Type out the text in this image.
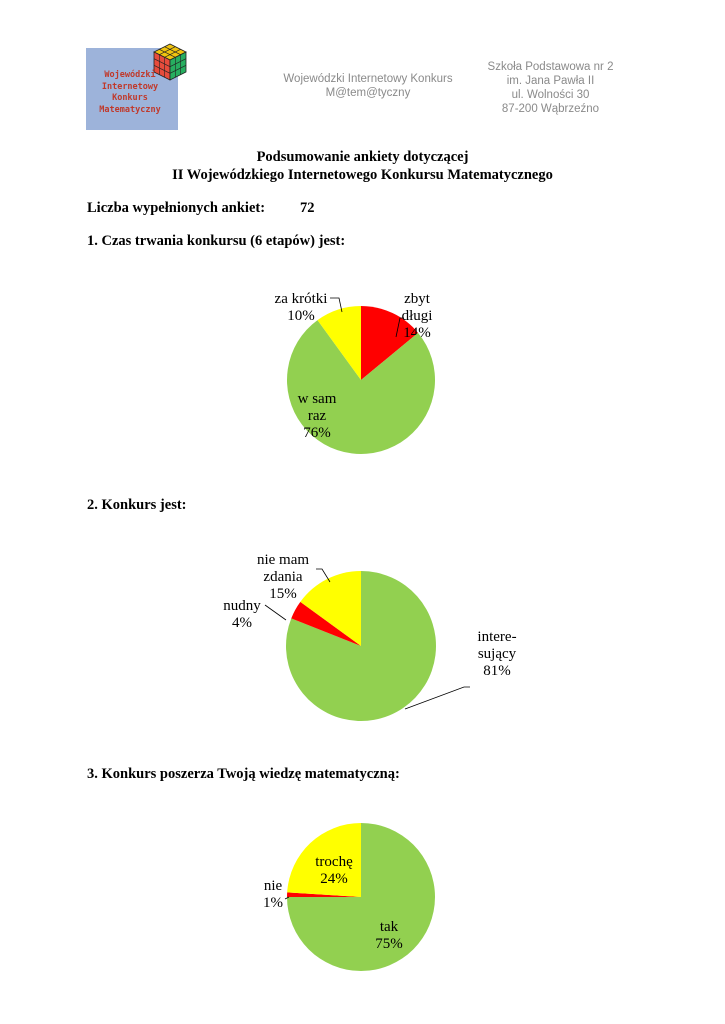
Wojewódzki
Internetowy
Konkurs
Matematyczny
Wojewódzki Internetowy Konkurs
M@tem@tyczny
Szkoła Podstawowa nr 2
im. Jana Pawła II
ul. Wolności 30
87-200 Wąbrzeźno
Podsumowanie ankiety dotyczącej
II Wojewódzkiego Internetowego Konkursu Matematycznego
Liczba wypełnionych ankiet: 72
1. Czas trwania konkursu (6 etapów) jest:
2. Konkurs jest:
3. Konkurs poszerza Twoją wiedzę matematyczną:
zbyt długi 14%
w sam raz 76%
za krótki 10%
intere-sujący 81%
nudny 4%
nie mam zdania 15%
tak 75%
nie 1%
trochę 24%
